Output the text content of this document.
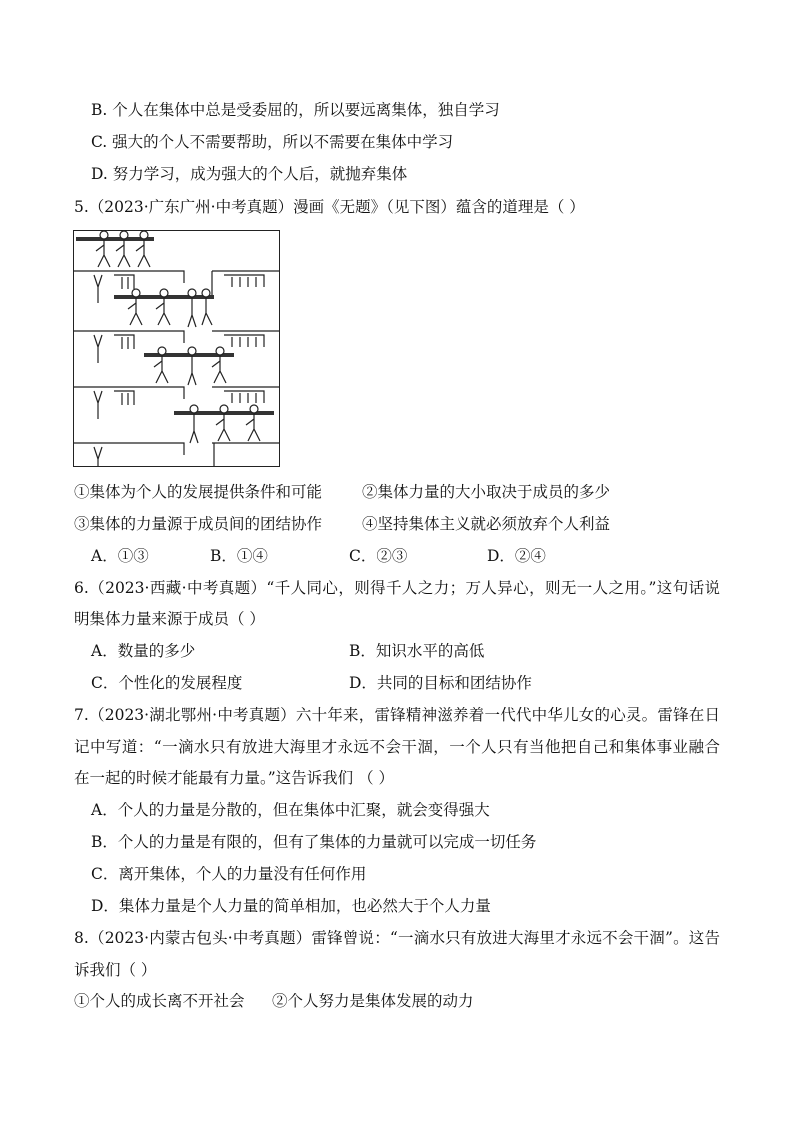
B. 个人在集体中总是受委屈的，所以要远离集体，独自学习
C. 强大的个人不需要帮助，所以不需要在集体中学习
D. 努力学习，成为强大的个人后，就抛弃集体
5.（2023·广东广州·中考真题）漫画《无题》（见下图）蕴含的道理是（ ）
①集体为个人的发展提供条件和可能	②集体力量的大小取决于成员的多少
③集体的力量源于成员间的团结协作	④坚持集体主义就必须放弃个人利益
A．①③	B．①④	C．②③	D．②④
6.（2023·西藏·中考真题）“千人同心，则得千人之力；万人异心，则无一人之用。”这句话说
明集体力量来源于成员（ ）
A．数量的多少	B．知识水平的高低
C．个性化的发展程度	D．共同的目标和团结协作
7.（2023·湖北鄂州·中考真题）六十年来，雷锋精神滋养着一代代中华儿女的心灵。雷锋在日
记中写道：“一滴水只有放进大海里才永远不会干涸，一个人只有当他把自己和集体事业融合
在一起的时候才能最有力量。”这告诉我们 （ ）
A．个人的力量是分散的，但在集体中汇聚，就会变得强大
B．个人的力量是有限的，但有了集体的力量就可以完成一切任务
C．离开集体，个人的力量没有任何作用
D．集体力量是个人力量的简单相加，也必然大于个人力量
8.（2023·内蒙古包头·中考真题）雷锋曾说：“一滴水只有放进大海里才永远不会干涸”。这告
诉我们（ ）
①个人的成长离不开社会 ②个人努力是集体发展的动力
